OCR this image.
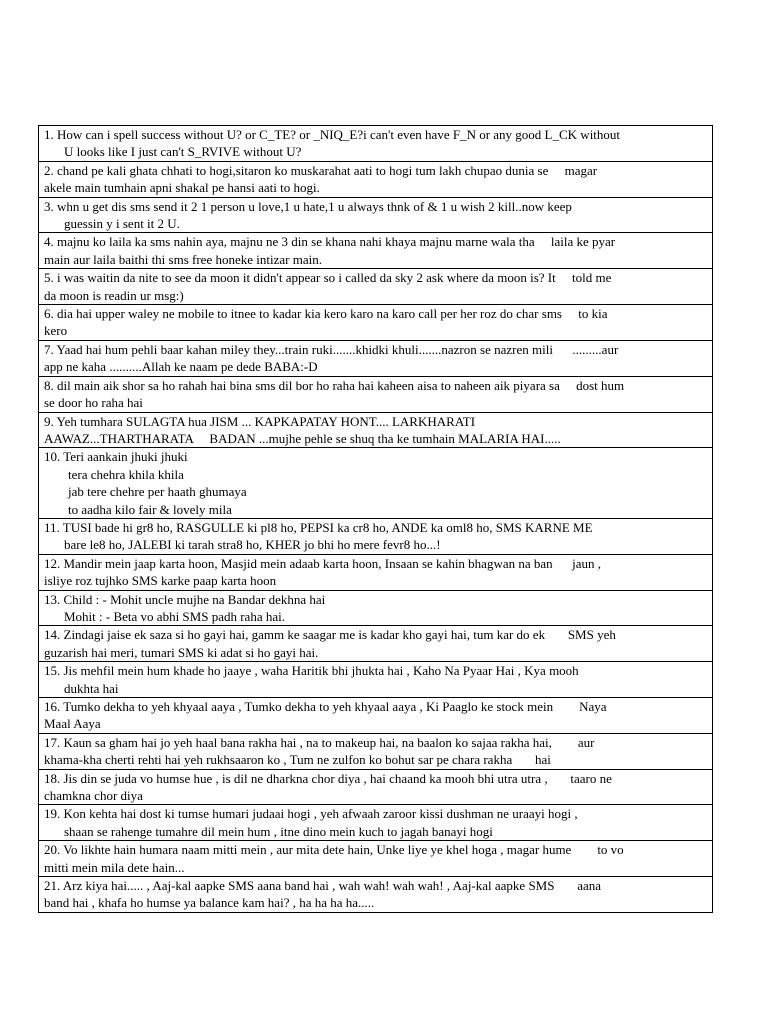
1. How can i spell success without U? or C_TE? or _NIQ_E?i can't even have F_N or any good L_CK without
U looks like I just can't S_RVIVE without U?
2. chand pe kali ghata chhati to hogi,sitaron ko muskarahat aati to hogi tum lakh chupao dunia se     magar
akele main tumhain apni shakal pe hansi aati to hogi.
3. whn u get dis sms send it 2 1 person u love,1 u hate,1 u always thnk of & 1 u wish 2 kill..now keep
guessin y i sent it 2 U.
4. majnu ko laila ka sms nahin aya, majnu ne 3 din se khana nahi khaya majnu marne wala tha     laila ke pyar
main aur laila baithi thi sms free honeke intizar main.
5. i was waitin da nite to see da moon it didn't appear so i called da sky 2 ask where da moon is? It     told me
da moon is readin ur msg:)
6. dia hai upper waley ne mobile to itnee to kadar kia kero karo na karo call per her roz do char sms     to kia
kero
7. Yaad hai hum pehli baar kahan miley they...train ruki.......khidki khuli.......nazron se nazren mili      .........aur
app ne kaha ..........Allah ke naam pe dede BABA:-D
8. dil main aik shor sa ho rahah hai bina sms dil bor ho raha hai kaheen aisa to naheen aik piyara sa     dost hum
se door ho raha hai
9. Yeh tumhara SULAGTA hua JISM ... KAPKAPATAY HONT.... LARKHARATI
AAWAZ...THARTHARATA     BADAN ...mujhe pehle se shuq tha ke tumhain MALARIA HAI.....
10. Teri aankain jhuki jhuki
tera chehra khila khila
jab tere chehre per haath ghumaya
to aadha kilo fair & lovely mila
11. TUSI bade hi gr8 ho, RASGULLE ki pl8 ho, PEPSI ka cr8 ho, ANDE ka oml8 ho, SMS KARNE ME
bare le8 ho, JALEBI ki tarah stra8 ho, KHER jo bhi ho mere fevr8 ho...!
12. Mandir mein jaap karta hoon, Masjid mein adaab karta hoon, Insaan se kahin bhagwan na ban      jaun ,
isliye roz tujhko SMS karke paap karta hoon
13. Child : - Mohit uncle mujhe na Bandar dekhna hai
Mohit : - Beta vo abhi SMS padh raha hai.
14. Zindagi jaise ek saza si ho gayi hai, gamm ke saagar me is kadar kho gayi hai, tum kar do ek       SMS yeh
guzarish hai meri, tumari SMS ki adat si ho gayi hai.
15. Jis mehfil mein hum khade ho jaaye , waha Haritik bhi jhukta hai , Kaho Na Pyaar Hai , Kya mooh
dukhta hai
16. Tumko dekha to yeh khyaal aaya , Tumko dekha to yeh khyaal aaya , Ki Paaglo ke stock mein        Naya
Maal Aaya
17. Kaun sa gham hai jo yeh haal bana rakha hai , na to makeup hai, na baalon ko sajaa rakha hai,        aur
khama-kha cherti rehti hai yeh rukhsaaron ko , Tum ne zulfon ko bohut sar pe chara rakha       hai
18. Jis din se juda vo humse hue , is dil ne dharkna chor diya , hai chaand ka mooh bhi utra utra ,       taaro ne
chamkna chor diya
19. Kon kehta hai dost ki tumse humari judaai hogi , yeh afwaah zaroor kissi dushman ne uraayi hogi ,
shaan se rahenge tumahre dil mein hum , itne dino mein kuch to jagah banayi hogi
20. Vo likhte hain humara naam mitti mein , aur mita dete hain, Unke liye ye khel hoga , magar hume        to vo
mitti mein mila dete hain...
21. Arz kiya hai..... , Aaj-kal aapke SMS aana band hai , wah wah! wah wah! , Aaj-kal aapke SMS       aana
band hai , khafa ho humse ya balance kam hai? , ha ha ha ha.....
